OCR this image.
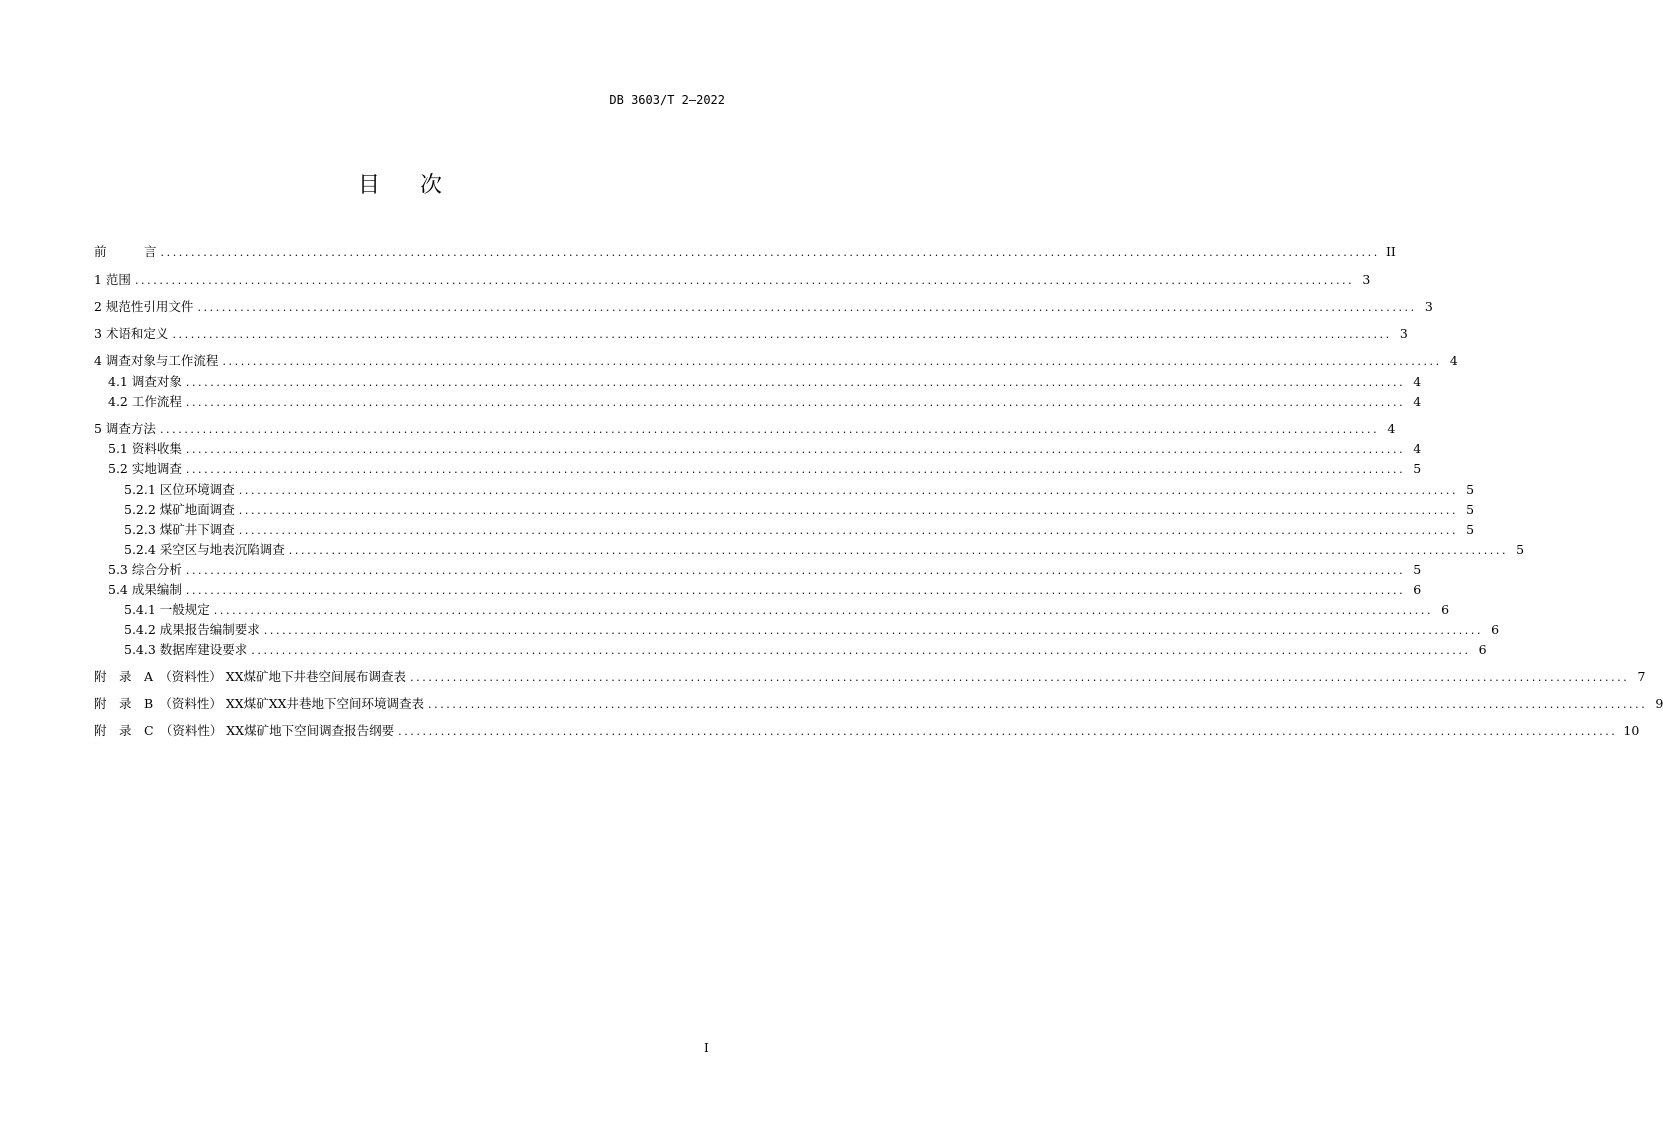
DB 3603/T 2—2022
目次
前　　　言 ........................................................................................................................................................................................................ II
1 范围 ........................................................................................................................................................................................................ 3
2 规范性引用文件 ........................................................................................................................................................................................................ 3
3 术语和定义 ........................................................................................................................................................................................................ 3
4 调查对象与工作流程 ........................................................................................................................................................................................................ 4
4.1 调查对象 ........................................................................................................................................................................................................ 4
4.2 工作流程 ........................................................................................................................................................................................................ 4
5 调查方法 ........................................................................................................................................................................................................ 4
5.1 资料收集 ........................................................................................................................................................................................................ 4
5.2 实地调查 ........................................................................................................................................................................................................ 5
5.2.1 区位环境调查 ........................................................................................................................................................................................................ 5
5.2.2 煤矿地面调查 ........................................................................................................................................................................................................ 5
5.2.3 煤矿井下调查 ........................................................................................................................................................................................................ 5
5.2.4 采空区与地表沉陷调查 ........................................................................................................................................................................................................ 5
5.3 综合分析 ........................................................................................................................................................................................................ 5
5.4 成果编制 ........................................................................................................................................................................................................ 6
5.4.1 一般规定 ........................................................................................................................................................................................................ 6
5.4.2 成果报告编制要求 ........................................................................................................................................................................................................ 6
5.4.3 数据库建设要求 ........................................................................................................................................................................................................ 6
附　录　A　（资料性） XX煤矿地下井巷空间展布调查表 ........................................................................................................................................................................................................ 7
附　录　B　（资料性） XX煤矿XX井巷地下空间环境调查表 ........................................................................................................................................................................................................ 9
附　录　C　（资料性） XX煤矿地下空间调查报告纲要 ........................................................................................................................................................................................................ 10
I
